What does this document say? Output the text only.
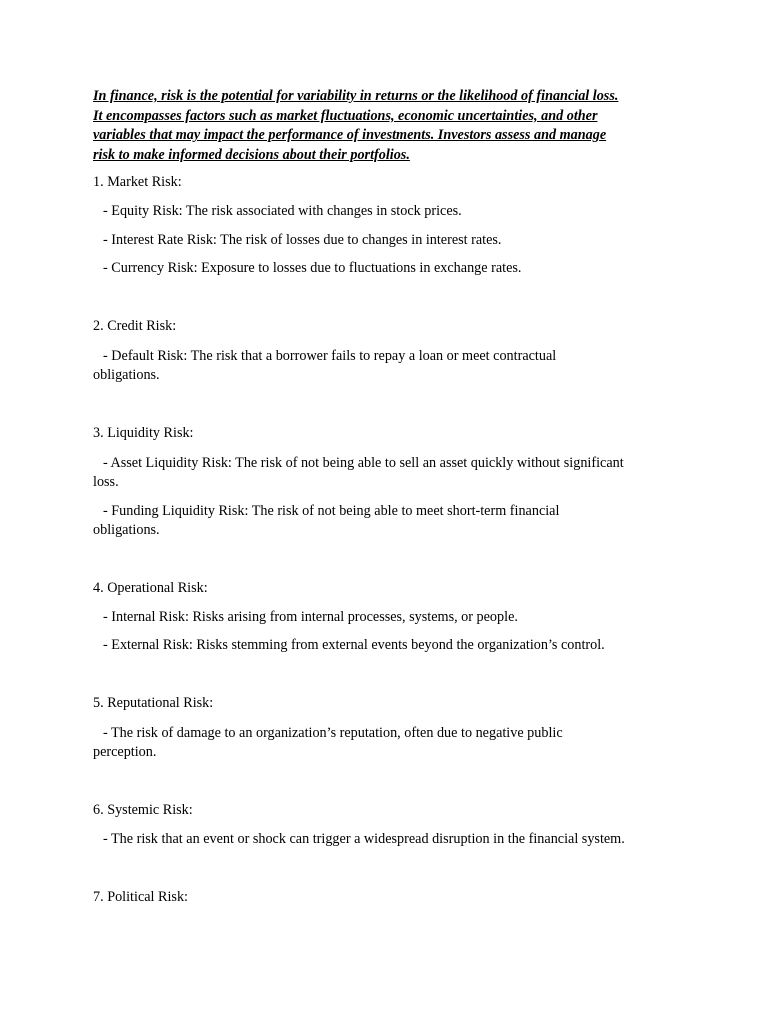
In finance, risk is the potential for variability in returns or the likelihood of financial loss.
It encompasses factors such as market fluctuations, economic uncertainties, and other
variables that may impact the performance of investments. Investors assess and manage
risk to make informed decisions about their portfolios.

1. Market Risk:

- Equity Risk: The risk associated with changes in stock prices.

- Interest Rate Risk: The risk of losses due to changes in interest rates.

- Currency Risk: Exposure to losses due to fluctuations in exchange rates.

2. Credit Risk:

- Default Risk: The risk that a borrower fails to repay a loan or meet contractual

obligations.

3. Liquidity Risk:

- Asset Liquidity Risk: The risk of not being able to sell an asset quickly without significant

loss.

- Funding Liquidity Risk: The risk of not being able to meet short-term financial

obligations.

4. Operational Risk:

- Internal Risk: Risks arising from internal processes, systems, or people.

- External Risk: Risks stemming from external events beyond the organization’s control.

5. Reputational Risk:

- The risk of damage to an organization’s reputation, often due to negative public

perception.

6. Systemic Risk:

- The risk that an event or shock can trigger a widespread disruption in the financial system.

7. Political Risk:
